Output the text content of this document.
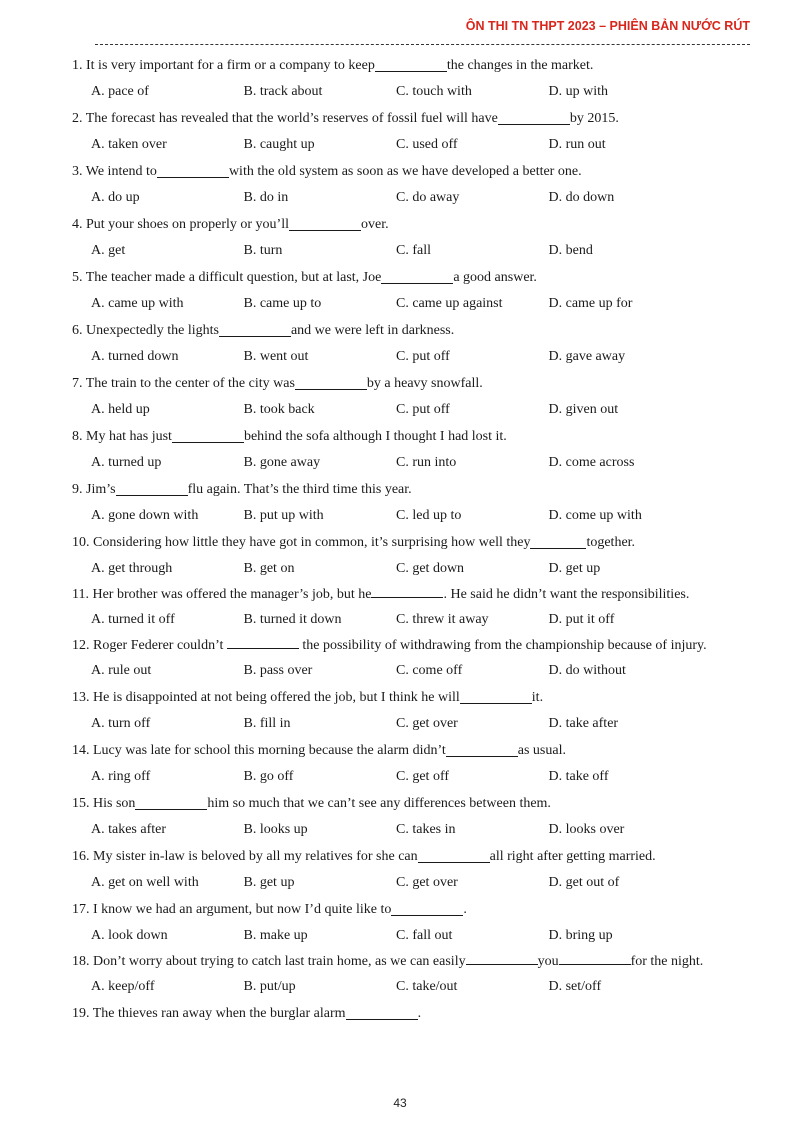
ÔN THI TN THPT 2023 – PHIÊN BẢN NƯỚC RÚT
1. It is very important for a firm or a company to keep	the changes in the market.
A. pace of	B. track about	C. touch with	D. up with
2. The forecast has revealed that the world’s reserves of fossil fuel will have	by 2015.
A. taken over	B. caught up	C. used off	D. run out
3. We intend to	with the old system as soon as we have developed a better one.
A. do up	B. do in	C. do away	D. do down
4. Put your shoes on properly or you’ll	over.
A. get	B. turn	C. fall	D. bend
5. The teacher made a difficult question, but at last, Joe	a good answer.
A. came up with	B. came up to	C. came up against	D. came up for
6. Unexpectedly the lights	and we were left in darkness.
A. turned down	B. went out	C. put off	D. gave away
7. The train to the center of the city was	by a heavy snowfall.
A. held up	B. took back	C. put off	D. given out
8. My hat has just	behind the sofa although I thought I had lost it.
A. turned up	B. gone away	C. run into	D. come across
9. Jim’s	flu again. That’s the third time this year.
A. gone down with	B. put up with	C. led up to	D. come up with
10. Considering how little they have got in common, it’s surprising how well they	together.
A. get through	B. get on	C. get down	D. get up
11. Her brother was offered the manager’s job, but he	. He said he didn’t want the responsibilities.
A. turned it off	B. turned it down	C. threw it away	D. put it off
12. Roger Federer couldn’t	the possibility of withdrawing from the championship because of injury.
A. rule out	B. pass over	C. come off	D. do without
13. He is disappointed at not being offered the job, but I think he will	it.
A. turn off	B. fill in	C. get over	D. take after
14. Lucy was late for school this morning because the alarm didn’t	as usual.
A. ring off	B. go off	C. get off	D. take off
15. His son	him so much that we can’t see any differences between them.
A. takes after	B. looks up	C. takes in	D. looks over
16. My sister in-law is beloved by all my relatives for she can	all right after getting married.
A. get on well with	B. get up	C. get over	D. get out of
17. I know we had an argument, but now I’d quite like to	.
A. look down	B. make up	C. fall out	D. bring up
18. Don’t worry about trying to catch last train home, as we can easily	you	for the night.
A. keep/off	B. put/up	C. take/out	D. set/off
19. The thieves ran away when the burglar alarm	.
43
